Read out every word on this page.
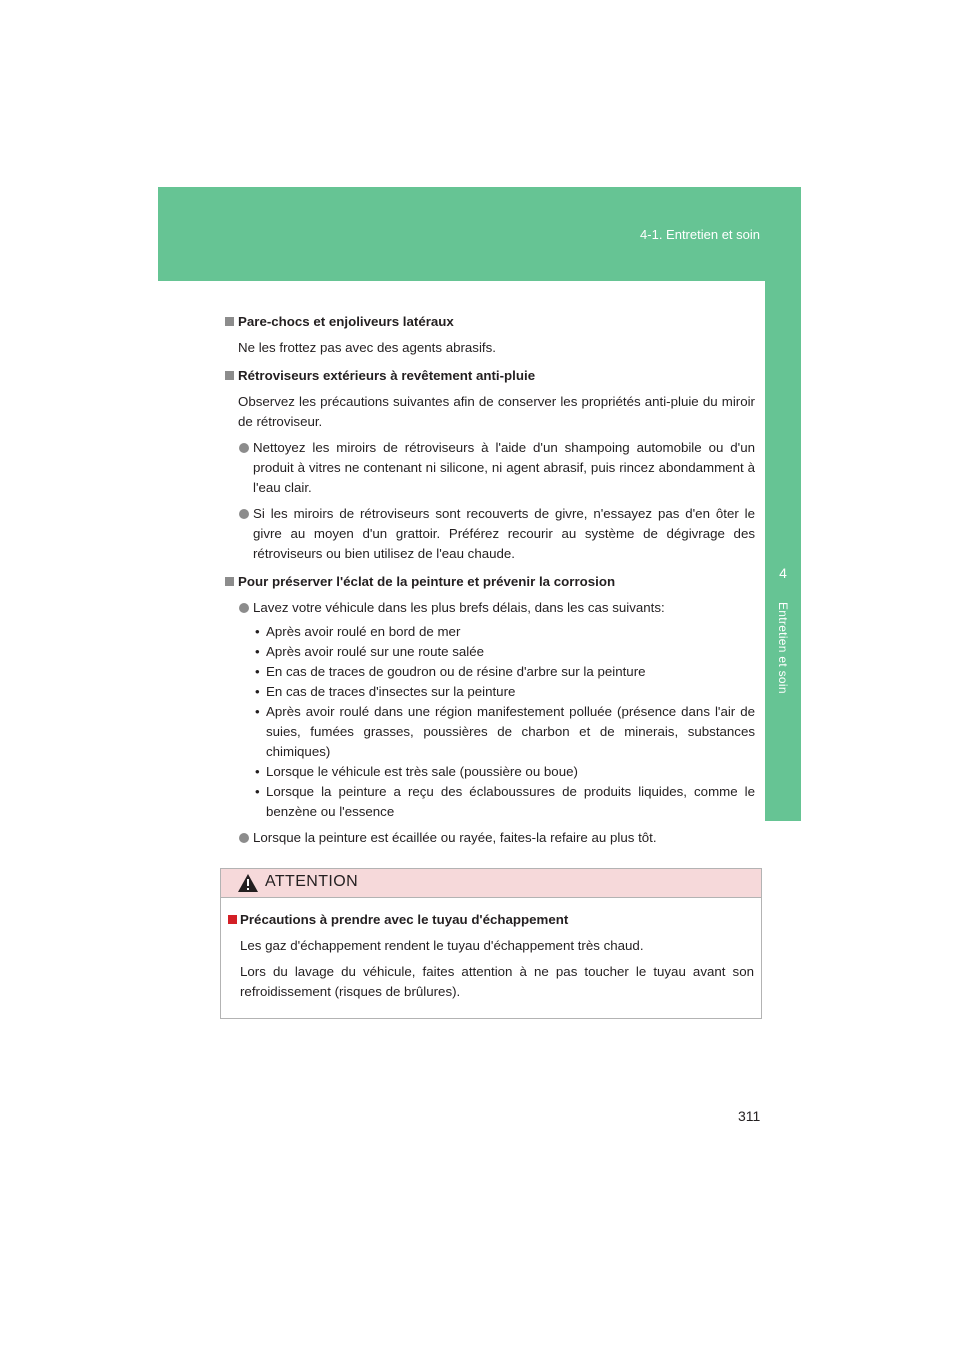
4-1. Entretien et soin
4
Entretien et soin
Pare-chocs et enjoliveurs latéraux
Ne les frottez pas avec des agents abrasifs.
Rétroviseurs extérieurs à revêtement anti-pluie
Observez les précautions suivantes afin de conserver les propriétés anti-pluie du miroir de rétroviseur.
Nettoyez les miroirs de rétroviseurs à l'aide d'un shampoing automobile ou d'un produit à vitres ne contenant ni silicone, ni agent abrasif, puis rincez abondamment à l'eau clair.
Si les miroirs de rétroviseurs sont recouverts de givre, n'essayez pas d'en ôter le givre au moyen d'un grattoir. Préférez recourir au système de dégivrage des rétroviseurs ou bien utilisez de l'eau chaude.
Pour préserver l'éclat de la peinture et prévenir la corrosion
Lavez votre véhicule dans les plus brefs délais, dans les cas suivants:
• Après avoir roulé en bord de mer
• Après avoir roulé sur une route salée
• En cas de traces de goudron ou de résine d'arbre sur la peinture
• En cas de traces d'insectes sur la peinture
• Après avoir roulé dans une région manifestement polluée (présence dans l'air de suies, fumées grasses, poussières de charbon et de minerais, substances chimiques)
• Lorsque le véhicule est très sale (poussière ou boue)
• Lorsque la peinture a reçu des éclaboussures de produits liquides, comme le benzène ou l'essence
Lorsque la peinture est écaillée ou rayée, faites-la refaire au plus tôt.
ATTENTION
Précautions à prendre avec le tuyau d'échappement
Les gaz d'échappement rendent le tuyau d'échappement très chaud.
Lors du lavage du véhicule, faites attention à ne pas toucher le tuyau avant son refroidissement (risques de brûlures).
311
